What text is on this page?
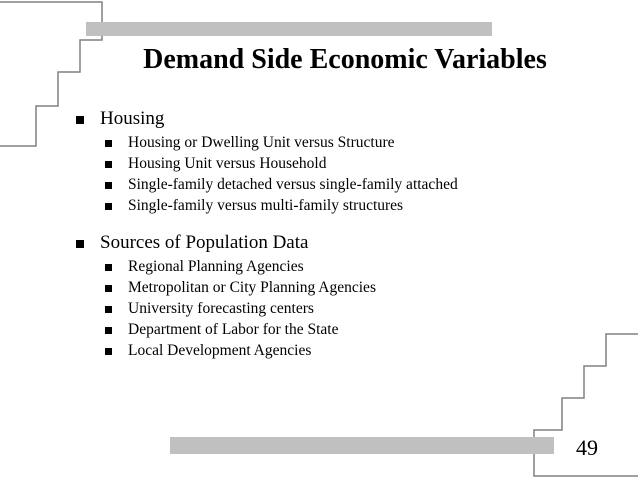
Demand Side Economic Variables
Housing
Housing or Dwelling Unit versus Structure
Housing Unit versus Household
Single-family detached versus single-family attached
Single-family versus multi-family structures
Sources of Population Data
Regional Planning Agencies
Metropolitan or City Planning Agencies
University forecasting centers
Department of Labor for the State
Local Development Agencies
49
